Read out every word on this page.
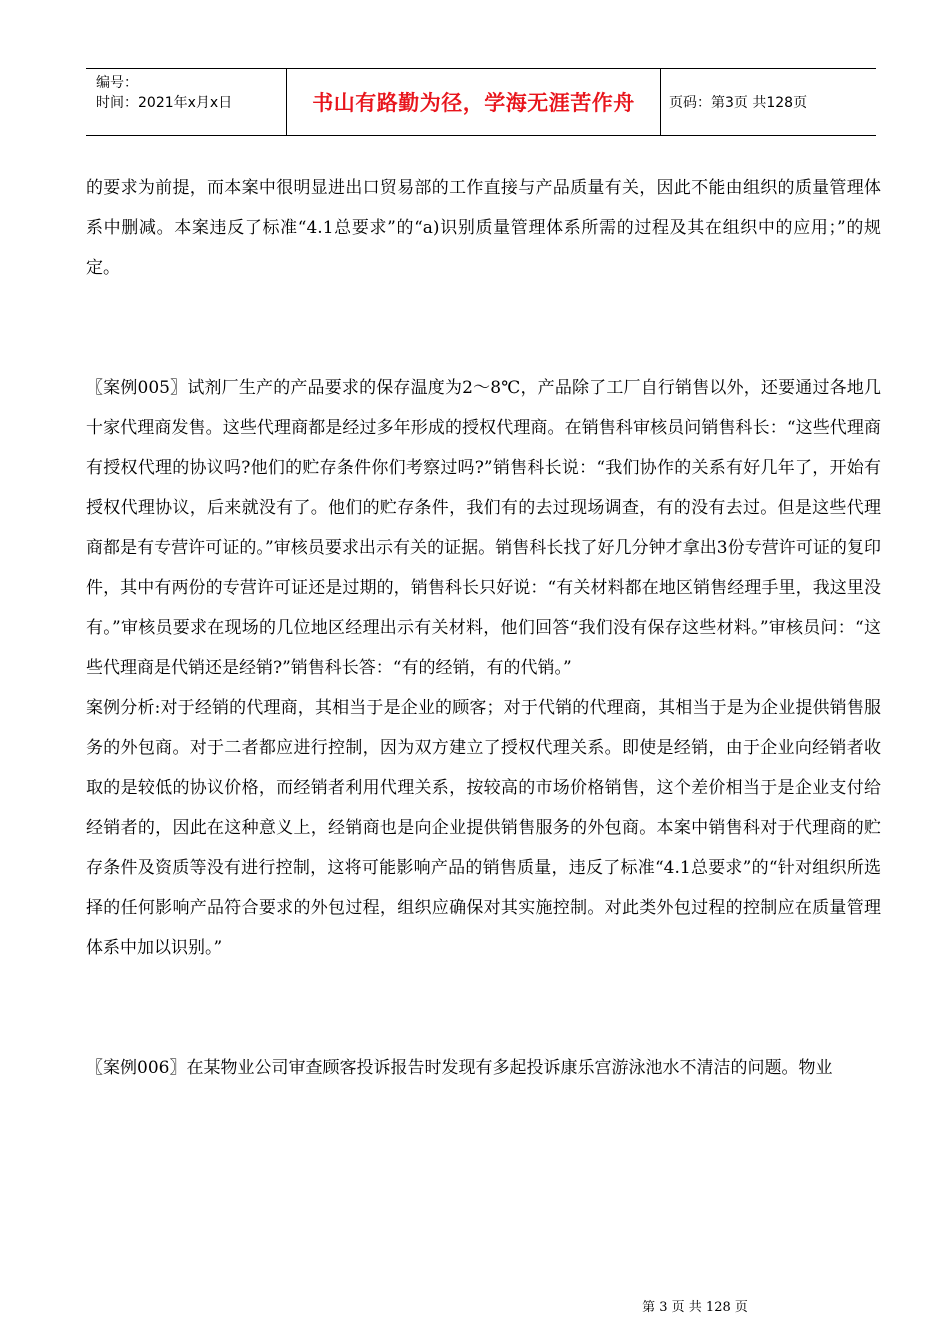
编号：
时间：2021年x月x日	书山有路勤为径，学海无涯苦作舟	页码：第3页 共128页

的要求为前提，而本案中很明显进出口贸易部的工作直接与产品质量有关，因此不能由组织的质量管理体系中删减。本案违反了标准“4.1总要求”的“a)识别质量管理体系所需的过程及其在组织中的应用；”的规定。

〖案例005〗试剂厂生产的产品要求的保存温度为2～8℃，产品除了工厂自行销售以外，还要通过各地几十家代理商发售。这些代理商都是经过多年形成的授权代理商。在销售科审核员问销售科长：“这些代理商有授权代理的协议吗?他们的贮存条件你们考察过吗?”销售科长说：“我们协作的关系有好几年了，开始有授权代理协议，后来就没有了。他们的贮存条件，我们有的去过现场调查，有的没有去过。但是这些代理商都是有专营许可证的。”审核员要求出示有关的证据。销售科长找了好几分钟才拿出3份专营许可证的复印件，其中有两份的专营许可证还是过期的，销售科长只好说：“有关材料都在地区销售经理手里，我这里没有。”审核员要求在现场的几位地区经理出示有关材料，他们回答“我们没有保存这些材料。”审核员问：“这些代理商是代销还是经销?”销售科长答：“有的经销，有的代销。”

案例分析:对于经销的代理商，其相当于是企业的顾客；对于代销的代理商，其相当于是为企业提供销售服务的外包商。对于二者都应进行控制，因为双方建立了授权代理关系。即使是经销，由于企业向经销者收取的是较低的协议价格，而经销者利用代理关系，按较高的市场价格销售，这个差价相当于是企业支付给经销者的，因此在这种意义上，经销商也是向企业提供销售服务的外包商。本案中销售科对于代理商的贮存条件及资质等没有进行控制，这将可能影响产品的销售质量，违反了标准“4.1总要求”的“针对组织所选择的任何影响产品符合要求的外包过程，组织应确保对其实施控制。对此类外包过程的控制应在质量管理体系中加以识别。”

〖案例006〗在某物业公司审查顾客投诉报告时发现有多起投诉康乐宫游泳池水不清洁的问题。物业

第 3 页 共 128 页
